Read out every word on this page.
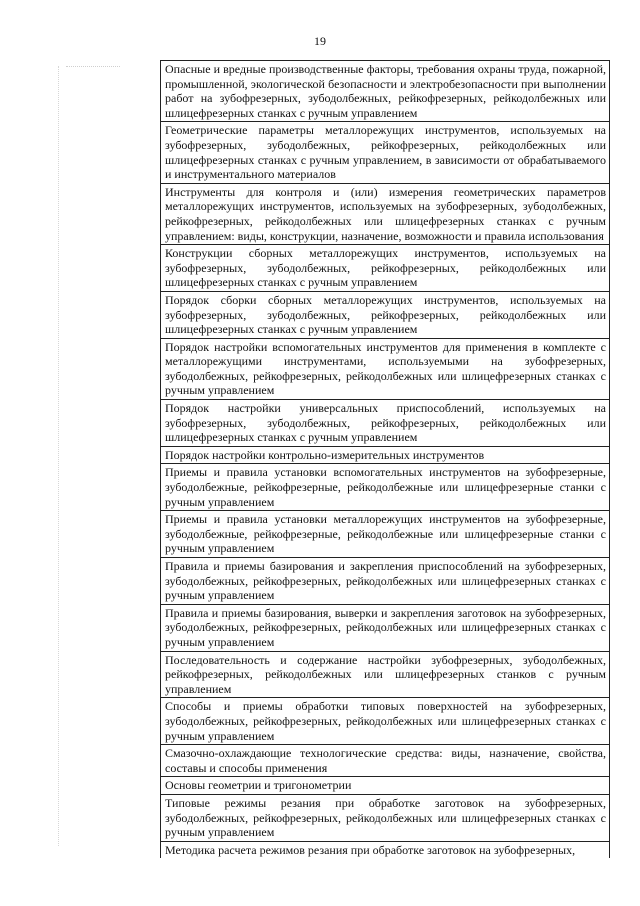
19
Опасные и вредные производственные факторы, требования охраны труда, пожарной, промышленной, экологической безопасности и электробезопасности при выполнении работ на зубофрезерных, зубодолбежных, рейкофрезерных, рейкодолбежных или шлицефрезерных станках с ручным управлением
Геометрические параметры металлорежущих инструментов, используемых на зубофрезерных, зубодолбежных, рейкофрезерных, рейкодолбежных или шлицефрезерных станках с ручным управлением, в зависимости от обрабатываемого и инструментального материалов
Инструменты для контроля и (или) измерения геометрических параметров металлорежущих инструментов, используемых на зубофрезерных, зубодолбежных, рейкофрезерных, рейкодолбежных или шлицефрезерных станках с ручным управлением: виды, конструкции, назначение, возможности и правила использования
Конструкции сборных металлорежущих инструментов, используемых на зубофрезерных, зубодолбежных, рейкофрезерных, рейкодолбежных или шлицефрезерных станках с ручным управлением
Порядок сборки сборных металлорежущих инструментов, используемых на зубофрезерных, зубодолбежных, рейкофрезерных, рейкодолбежных или шлицефрезерных станках с ручным управлением
Порядок настройки вспомогательных инструментов для применения в комплекте с металлорежущими инструментами, используемыми на зубофрезерных, зубодолбежных, рейкофрезерных, рейкодолбежных или шлицефрезерных станках с ручным управлением
Порядок настройки универсальных приспособлений, используемых на зубофрезерных, зубодолбежных, рейкофрезерных, рейкодолбежных или шлицефрезерных станках с ручным управлением
Порядок настройки контрольно-измерительных инструментов
Приемы и правила установки вспомогательных инструментов на зубофрезерные, зубодолбежные, рейкофрезерные, рейкодолбежные или шлицефрезерные станки с ручным управлением
Приемы и правила установки металлорежущих инструментов на зубофрезерные, зубодолбежные, рейкофрезерные, рейкодолбежные или шлицефрезерные станки с ручным управлением
Правила и приемы базирования и закрепления приспособлений на зубофрезерных, зубодолбежных, рейкофрезерных, рейкодолбежных или шлицефрезерных станках с ручным управлением
Правила и приемы базирования, выверки и закрепления заготовок на зубофрезерных, зубодолбежных, рейкофрезерных, рейкодолбежных или шлицефрезерных станках с ручным управлением
Последовательность и содержание настройки зубофрезерных, зубодолбежных, рейкофрезерных, рейкодолбежных или шлицефрезерных станков с ручным управлением
Способы и приемы обработки типовых поверхностей на зубофрезерных, зубодолбежных, рейкофрезерных, рейкодолбежных или шлицефрезерных станках с ручным управлением
Смазочно-охлаждающие технологические средства: виды, назначение, свойства, составы и способы применения
Основы геометрии и тригонометрии
Типовые режимы резания при обработке заготовок на зубофрезерных, зубодолбежных, рейкофрезерных, рейкодолбежных или шлицефрезерных станках с ручным управлением
Методика расчета режимов резания при обработке заготовок на зубофрезерных,
